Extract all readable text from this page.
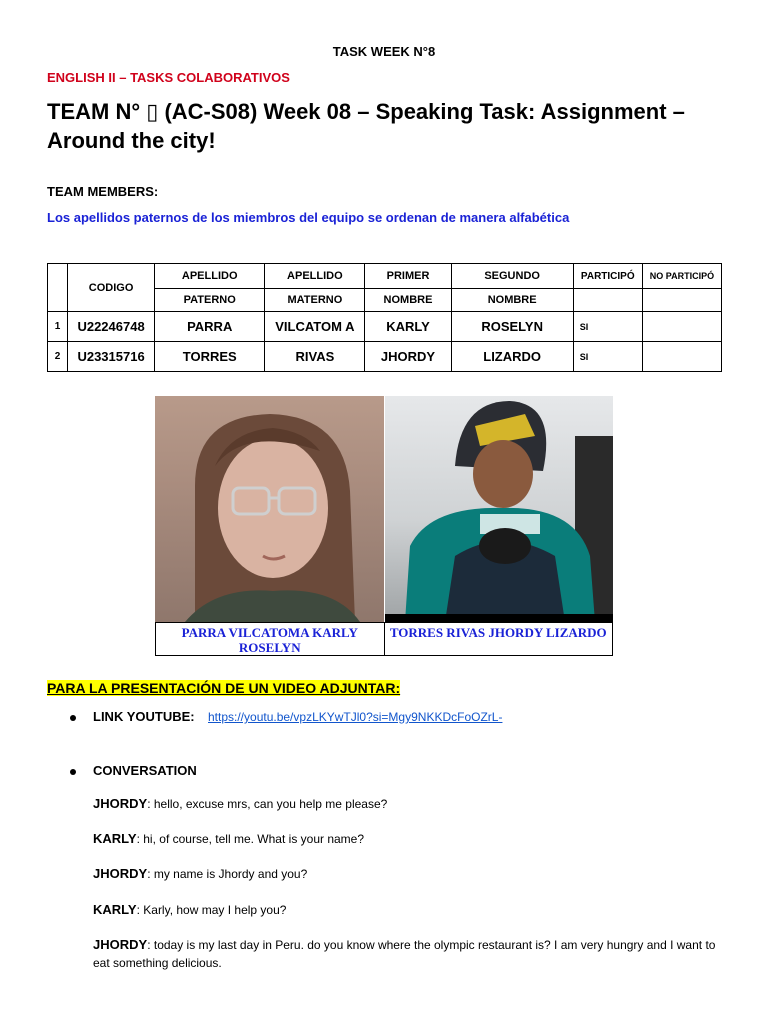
TASK WEEK N°8
ENGLISH II – TASKS COLABORATIVOS
TEAM N° ▯ (AC-S08) Week 08 – Speaking Task: Assignment – Around the city!
TEAM MEMBERS:
Los apellidos paternos de los miembros del equipo se ordenan de manera alfabética
	CODIGO	APELLIDO	APELLIDO	PRIMER	SEGUNDO	PARTICIPÓ	NO PARTICIPÓ
		PATERNO	MATERNO	NOMBRE	NOMBRE		
1	U22246748	PARRA	VILCATOM A	KARLY	ROSELYN	SI	
2	U23315716	TORRES	RIVAS	JHORDY	LIZARDO	SI	
PARRA VILCATOMA KARLY ROSELYN
TORRES RIVAS JHORDY LIZARDO
PARA LA PRESENTACIÓN DE UN VIDEO ADJUNTAR:
LINK YOUTUBE: https://youtu.be/vpzLKYwTJl0?si=Mgy9NKKDcFoOZrL-
CONVERSATION
JHORDY: hello, excuse mrs, can you help me please?
KARLY: hi, of course, tell me. What is your name?
JHORDY: my name is Jhordy and you?
KARLY: Karly, how may I help you?
JHORDY: today is my last day in Peru. do you know where the olympic restaurant is? I am very hungry and I want to eat something delicious.
